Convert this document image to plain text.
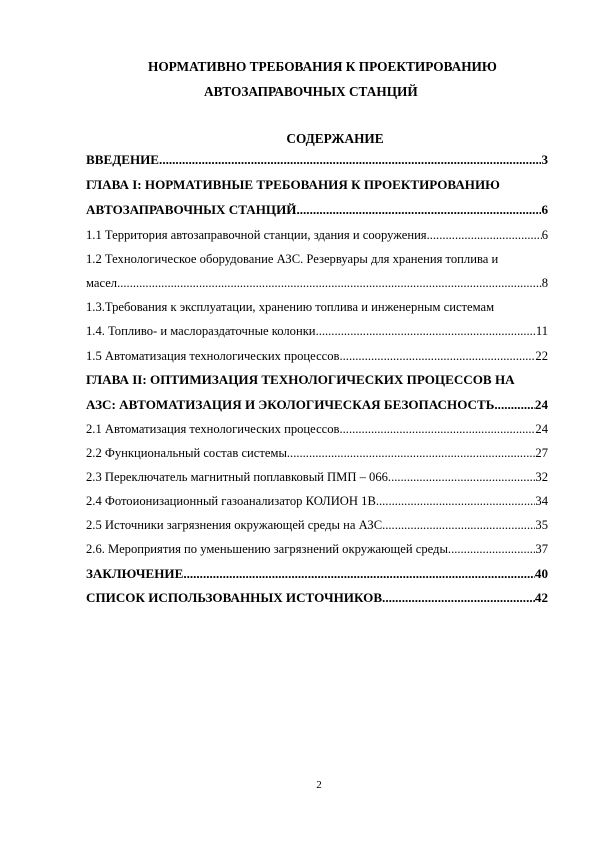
НОРМАТИВНО ТРЕБОВАНИЯ К ПРОЕКТИРОВАНИЮ
АВТОЗАПРАВОЧНЫХ СТАНЦИЙ
СОДЕРЖАНИЕ
ВВЕДЕНИЕ .....	3
ГЛАВА I: НОРМАТИВНЫЕ ТРЕБОВАНИЯ К ПРОЕКТИРОВАНИЮ
АВТОЗАПРАВОЧНЫХ СТАНЦИЙ .....	6
1.1 Территория автозаправочной станции, здания и сооружения .....	6
1.2 Технологическое оборудование АЗС. Резервуары для хранения топлива и
масел .....	8
1.3.Требования к эксплуатации, хранению топлива и инженерным системам
1.4. Топливо- и маслораздаточные колонки .....	11
1.5 Автоматизация технологических процессов .....	22
ГЛАВА II: ОПТИМИЗАЦИЯ ТЕХНОЛОГИЧЕСКИХ ПРОЦЕССОВ НА
АЗС: АВТОМАТИЗАЦИЯ И ЭКОЛОГИЧЕСКАЯ БЕЗОПАСНОСТЬ .....	24
2.1 Автоматизация технологических процессов .....	24
2.2 Функциональный состав системы .....	27
2.3 Переключатель магнитный поплавковый ПМП – 066 .....	32
2.4 Фотоионизационный газоанализатор КОЛИОН 1В .....	34
2.5 Источники загрязнения окружающей среды на АЗС .....	35
2.6. Мероприятия по уменьшению загрязнений окружающей среды .....	37
ЗАКЛЮЧЕНИЕ .....	40
СПИСОК ИСПОЛЬЗОВАННЫХ ИСТОЧНИКОВ .....	42
2
